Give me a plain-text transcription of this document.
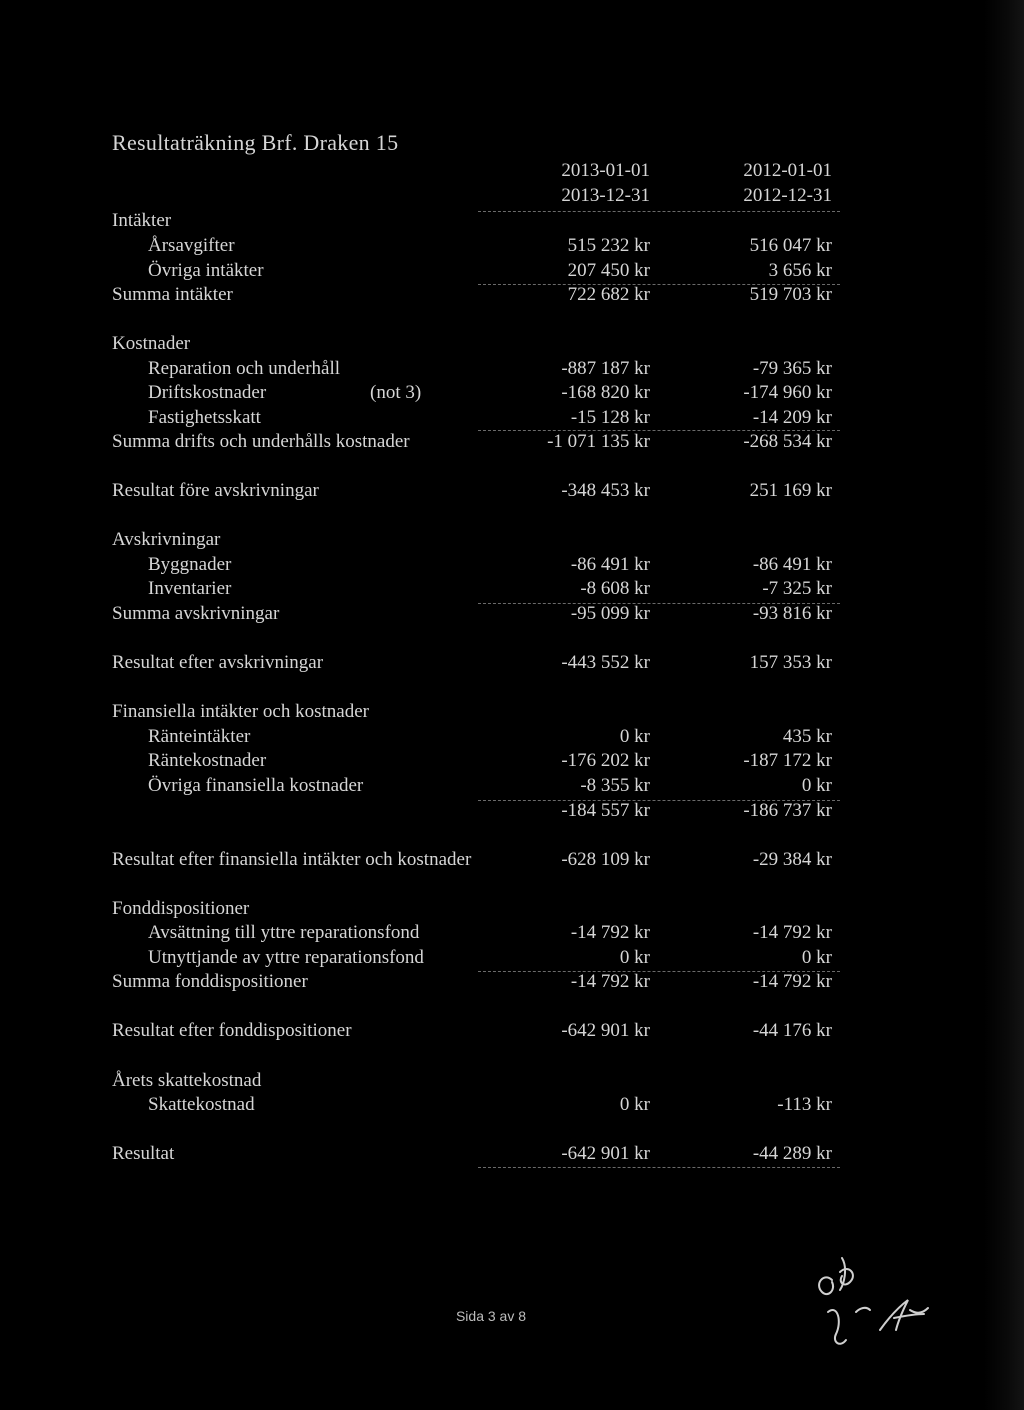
Resultaträkning Brf. Draken 15
2013-01-01
2013-12-31
2012-01-01
2012-12-31
Intäkter
Årsavgifter	515 232 kr	516 047 kr
Övriga intäkter	207 450 kr	3 656 kr
Summa intäkter	722 682 kr	519 703 kr
Kostnader
Reparation och underhåll	-887 187 kr	-79 365 kr
Driftskostnader	(not 3)	-168 820 kr	-174 960 kr
Fastighetsskatt	-15 128 kr	-14 209 kr
Summa drifts och underhålls kostnader	-1 071 135 kr	-268 534 kr
Resultat före avskrivningar	-348 453 kr	251 169 kr
Avskrivningar
Byggnader	-86 491 kr	-86 491 kr
Inventarier	-8 608 kr	-7 325 kr
Summa avskrivningar	-95 099 kr	-93 816 kr
Resultat efter avskrivningar	-443 552 kr	157 353 kr
Finansiella intäkter och kostnader
Ränteintäkter	0 kr	435 kr
Räntekostnader	-176 202 kr	-187 172 kr
Övriga finansiella kostnader	-8 355 kr	0 kr
-184 557 kr	-186 737 kr
Resultat efter finansiella intäkter och kostnader	-628 109 kr	-29 384 kr
Fonddispositioner
Avsättning till yttre reparationsfond	-14 792 kr	-14 792 kr
Utnyttjande av yttre reparationsfond	0 kr	0 kr
Summa fonddispositioner	-14 792 kr	-14 792 kr
Resultat efter fonddispositioner	-642 901 kr	-44 176 kr
Årets skattekostnad
Skattekostnad	0 kr	-113 kr
Resultat	-642 901 kr	-44 289 kr
Sida 3 av 8
